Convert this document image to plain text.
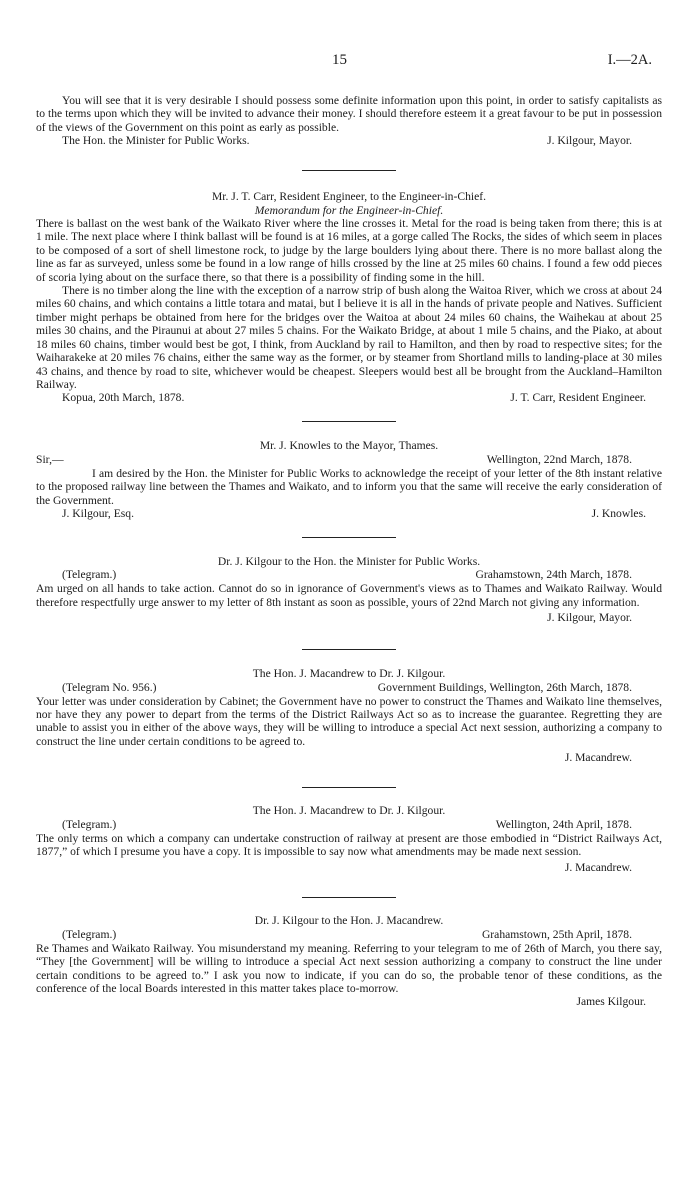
15	I.—2A.

You will see that it is very desirable I should possess some definite information upon this point, in order to satisfy capitalists as to the terms upon which they will be invited to advance their money. I should therefore esteem it a great favour to be put in possession of the views of the Government on this point as early as possible.

The Hon. the Minister for Public Works.	J. Kilgour, Mayor.

Mr. J. T. Carr, Resident Engineer, to the Engineer-in-Chief.

Memorandum for the Engineer-in-Chief.

There is ballast on the west bank of the Waikato River where the line crosses it. Metal for the road is being taken from there; this is at 1 mile. The next place where I think ballast will be found is at 16 miles, at a gorge called The Rocks, the sides of which seem in places to be composed of a sort of shell limestone rock, to judge by the large boulders lying about there. There is no more ballast along the line as far as surveyed, unless some be found in a low range of hills crossed by the line at 25 miles 60 chains. I found a few odd pieces of scoria lying about on the surface there, so that there is a possibility of finding some in the hill.

There is no timber along the line with the exception of a narrow strip of bush along the Waitoa River, which we cross at about 24 miles 60 chains, and which contains a little totara and matai, but I believe it is all in the hands of private people and Natives. Sufficient timber might perhaps be obtained from here for the bridges over the Waitoa at about 24 miles 60 chains, the Waihekau at about 25 miles 30 chains, and the Piraunui at about 27 miles 5 chains. For the Waikato Bridge, at about 1 mile 5 chains, and the Piako, at about 18 miles 60 chains, timber would best be got, I think, from Auckland by rail to Hamilton, and then by road to respective sites; for the Waiharakeke at 20 miles 76 chains, either the same way as the former, or by steamer from Shortland mills to landing-place at 30 miles 43 chains, and thence by road to site, whichever would be cheapest. Sleepers would best all be brought from the Auckland–Hamilton Railway.

Kopua, 20th March, 1878.	J. T. Carr, Resident Engineer.

Mr. J. Knowles to the Mayor, Thames.

Sir,—	Wellington, 22nd March, 1878.

I am desired by the Hon. the Minister for Public Works to acknowledge the receipt of your letter of the 8th instant relative to the proposed railway line between the Thames and Waikato, and to inform you that the same will receive the early consideration of the Government.

J. Kilgour, Esq.	J. Knowles.

Dr. J. Kilgour to the Hon. the Minister for Public Works.

(Telegram.)	Grahamstown, 24th March, 1878.

Am urged on all hands to take action. Cannot do so in ignorance of Government's views as to Thames and Waikato Railway. Would therefore respectfully urge answer to my letter of 8th instant as soon as possible, yours of 22nd March not giving any information.

J. Kilgour, Mayor.

The Hon. J. Macandrew to Dr. J. Kilgour.

(Telegram No. 956.)	Government Buildings, Wellington, 26th March, 1878.

Your letter was under consideration by Cabinet; the Government have no power to construct the Thames and Waikato line themselves, nor have they any power to depart from the terms of the District Railways Act so as to increase the guarantee. Regretting they are unable to assist you in either of the above ways, they will be willing to introduce a special Act next session, authorizing a company to construct the line under certain conditions to be agreed to.

J. Macandrew.

The Hon. J. Macandrew to Dr. J. Kilgour.

(Telegram.)	Wellington, 24th April, 1878.

The only terms on which a company can undertake construction of railway at present are those embodied in “District Railways Act, 1877,” of which I presume you have a copy. It is impossible to say now what amendments may be made next session.

J. Macandrew.

Dr. J. Kilgour to the Hon. J. Macandrew.

(Telegram.)	Grahamstown, 25th April, 1878.

Re Thames and Waikato Railway. You misunderstand my meaning. Referring to your telegram to me of 26th of March, you there say, “They [the Government] will be willing to introduce a special Act next session authorizing a company to construct the line under certain conditions to be agreed to.” I ask you now to indicate, if you can do so, the probable tenor of these conditions, as the conference of the local Boards interested in this matter takes place to-morrow.

James Kilgour.
